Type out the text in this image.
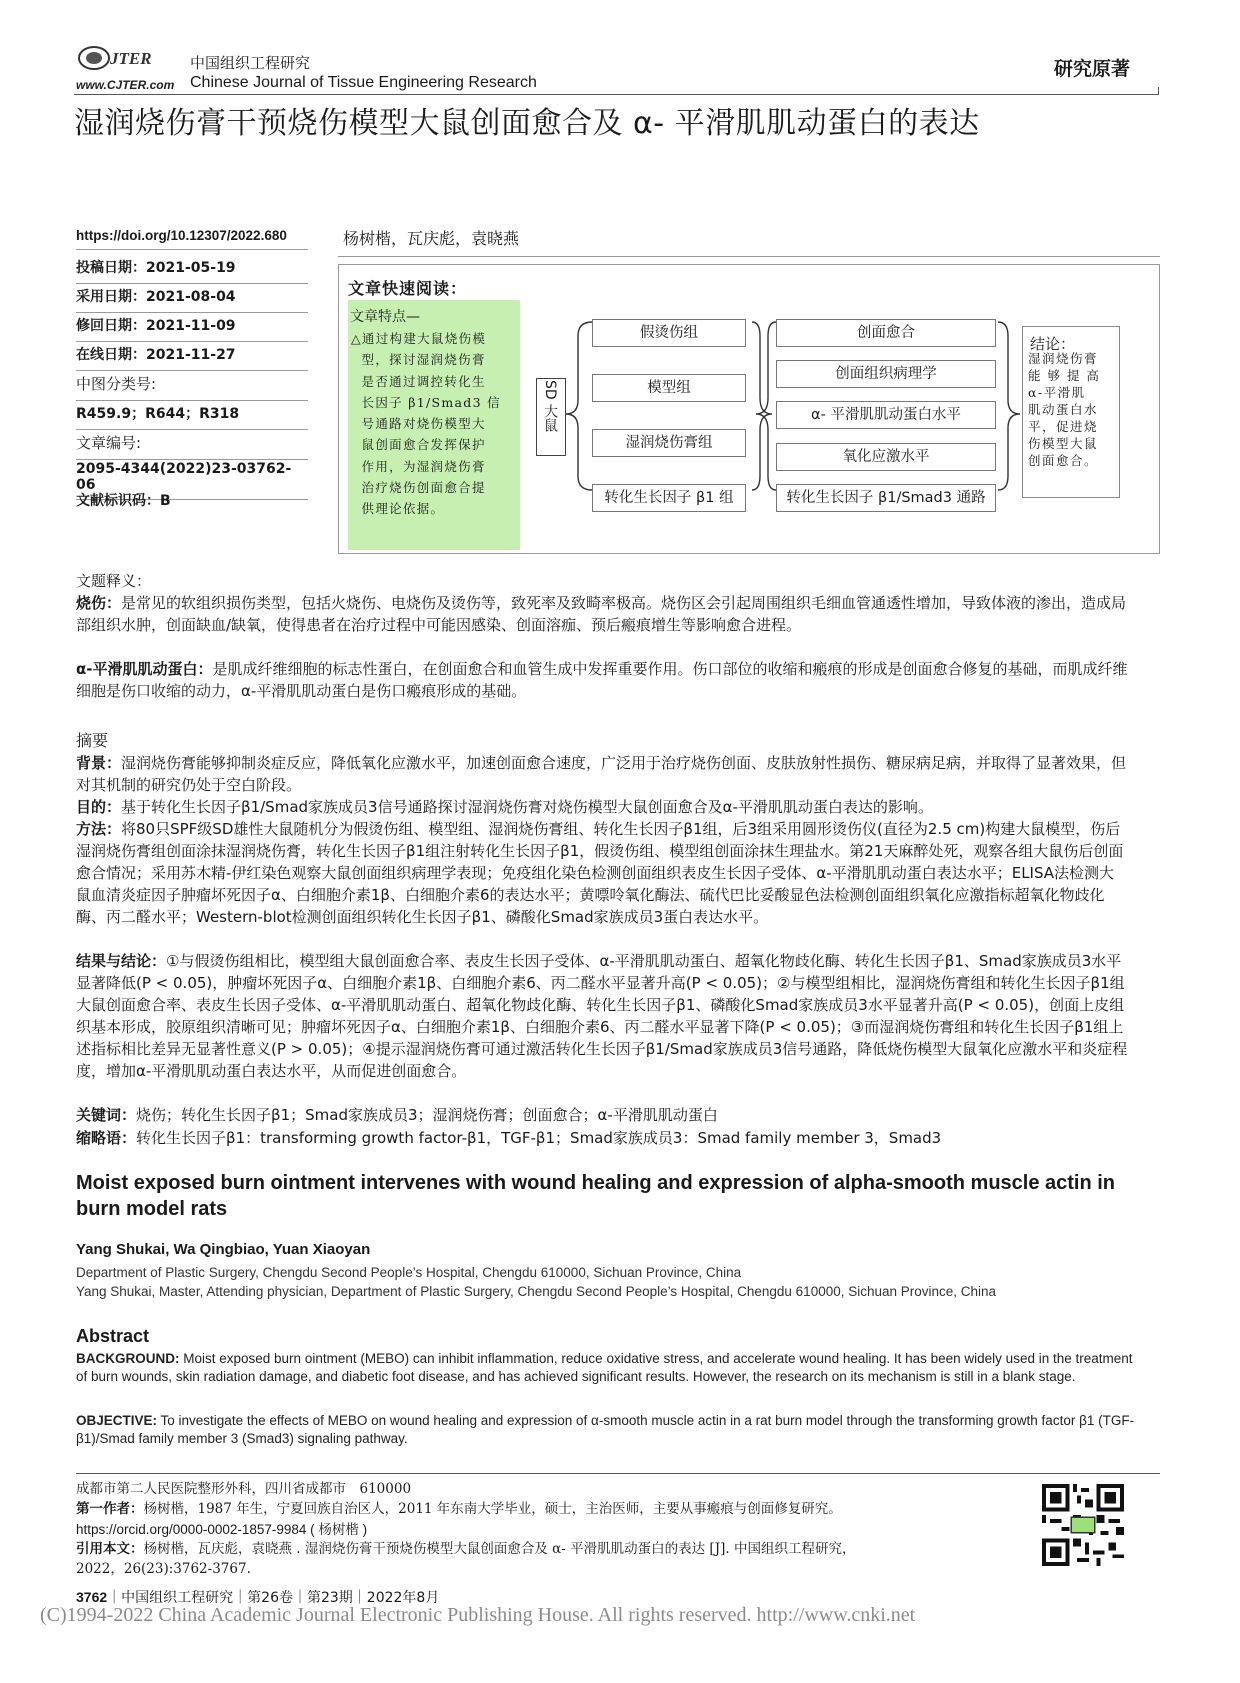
JTER
www.CJTER.com
中国组织工程研究
Chinese Journal of Tissue Engineering Research
研究原著
湿润烧伤膏干预烧伤模型大鼠创面愈合及 α- 平滑肌肌动蛋白的表达
https://doi.org/10.12307/2022.680
投稿日期：2021-05-19
采用日期：2021-08-04
修回日期：2021-11-09
在线日期：2021-11-27
中图分类号:
R459.9；R644；R318
文章编号:
2095-4344(2022)23-03762-06
文献标识码：B
杨树楷，瓦庆彪，袁晓燕
文章快速阅读：
文章特点—
△通过构建大鼠烧伤模
型，探讨湿润烧伤膏
是否通过调控转化生
长因子 β1/Smad3 信
号通路对烧伤模型大
鼠创面愈合发挥保护
作用，为湿润烧伤膏
治疗烧伤创面愈合提
供理论依据。
SD 大鼠
假烫伤组
模型组
湿润烧伤膏组
转化生长因子 β1 组
创面愈合
创面组织病理学
α- 平滑肌肌动蛋白水平
氧化应激水平
转化生长因子 β1/Smad3 通路
结论：
湿润烧伤膏
能 够 提 高
α-平滑肌
肌动蛋白水
平，促进烧
伤模型大鼠
创面愈合。
文题释义：
烧伤：是常见的软组织损伤类型，包括火烧伤、电烧伤及烫伤等，致死率及致畸率极高。烧伤区会引起周围组织毛细血管通透性增加，导致体液的渗出，造成局部组织水肿，创面缺血/缺氧，使得患者在治疗过程中可能因感染、创面溶痂、预后瘢痕增生等影响愈合进程。
α-平滑肌肌动蛋白：是肌成纤维细胞的标志性蛋白，在创面愈合和血管生成中发挥重要作用。伤口部位的收缩和瘢痕的形成是创面愈合修复的基础，而肌成纤维细胞是伤口收缩的动力，α-平滑肌肌动蛋白是伤口瘢痕形成的基础。
摘要
背景：湿润烧伤膏能够抑制炎症反应，降低氧化应激水平，加速创面愈合速度，广泛用于治疗烧伤创面、皮肤放射性损伤、糖尿病足病，并取得了显著效果，但对其机制的研究仍处于空白阶段。
目的：基于转化生长因子β1/Smad家族成员3信号通路探讨湿润烧伤膏对烧伤模型大鼠创面愈合及α-平滑肌肌动蛋白表达的影响。
方法：将80只SPF级SD雄性大鼠随机分为假烫伤组、模型组、湿润烧伤膏组、转化生长因子β1组，后3组采用圆形烫伤仪(直径为2.5 cm)构建大鼠模型，伤后湿润烧伤膏组创面涂抹湿润烧伤膏，转化生长因子β1组注射转化生长因子β1，假烫伤组、模型组创面涂抹生理盐水。第21天麻醉处死，观察各组大鼠伤后创面愈合情况；采用苏木精-伊红染色观察大鼠创面组织病理学表现；免疫组化染色检测创面组织表皮生长因子受体、α-平滑肌肌动蛋白表达水平；ELISA法检测大鼠血清炎症因子肿瘤坏死因子α、白细胞介素1β、白细胞介素6的表达水平；黄嘌呤氧化酶法、硫代巴比妥酸显色法检测创面组织氧化应激指标超氧化物歧化酶、丙二醛水平；Western-blot检测创面组织转化生长因子β1、磷酸化Smad家族成员3蛋白表达水平。
结果与结论：①与假烫伤组相比，模型组大鼠创面愈合率、表皮生长因子受体、α-平滑肌肌动蛋白、超氧化物歧化酶、转化生长因子β1、Smad家族成员3水平显著降低(P < 0.05)，肿瘤坏死因子α、白细胞介素1β、白细胞介素6、丙二醛水平显著升高(P < 0.05)；②与模型组相比，湿润烧伤膏组和转化生长因子β1组大鼠创面愈合率、表皮生长因子受体、α-平滑肌肌动蛋白、超氧化物歧化酶、转化生长因子β1、磷酸化Smad家族成员3水平显著升高(P < 0.05)，创面上皮组织基本形成，胶原组织清晰可见；肿瘤坏死因子α、白细胞介素1β、白细胞介素6、丙二醛水平显著下降(P < 0.05)；③而湿润烧伤膏组和转化生长因子β1组上述指标相比差异无显著性意义(P > 0.05)；④提示湿润烧伤膏可通过激活转化生长因子β1/Smad家族成员3信号通路，降低烧伤模型大鼠氧化应激水平和炎症程度，增加α-平滑肌肌动蛋白表达水平，从而促进创面愈合。
关键词：烧伤；转化生长因子β1；Smad家族成员3；湿润烧伤膏；创面愈合；α-平滑肌肌动蛋白
缩略语：转化生长因子β1：transforming growth factor-β1，TGF-β1；Smad家族成员3：Smad family member 3，Smad3
Moist exposed burn ointment intervenes with wound healing and expression of alpha-smooth muscle actin in burn model rats
Yang Shukai, Wa Qingbiao, Yuan Xiaoyan
Department of Plastic Surgery, Chengdu Second People’s Hospital, Chengdu 610000, Sichuan Province, China
Yang Shukai, Master, Attending physician, Department of Plastic Surgery, Chengdu Second People’s Hospital, Chengdu 610000, Sichuan Province, China
Abstract
BACKGROUND: Moist exposed burn ointment (MEBO) can inhibit inflammation, reduce oxidative stress, and accelerate wound healing. It has been widely used in the treatment of burn wounds, skin radiation damage, and diabetic foot disease, and has achieved significant results. However, the research on its mechanism is still in a blank stage.
OBJECTIVE: To investigate the effects of MEBO on wound healing and expression of α-smooth muscle actin in a rat burn model through the transforming growth factor β1 (TGF-β1)/Smad family member 3 (Smad3) signaling pathway.
成都市第二人民医院整形外科，四川省成都市　610000
第一作者：杨树楷，1987 年生，宁夏回族自治区人，2011 年东南大学毕业，硕士，主治医师，主要从事瘢痕与创面修复研究。
https://orcid.org/0000-0002-1857-9984 ( 杨树楷 )
引用本文：杨树楷，瓦庆彪，袁晓燕 . 湿润烧伤膏干预烧伤模型大鼠创面愈合及 α- 平滑肌肌动蛋白的表达 [J]. 中国组织工程研究，
2022，26(23):3762-3767.
3762｜中国组织工程研究｜第26卷｜第23期｜2022年8月
(C)1994-2022 China Academic Journal Electronic Publishing House. All rights reserved. http://www.cnki.net
